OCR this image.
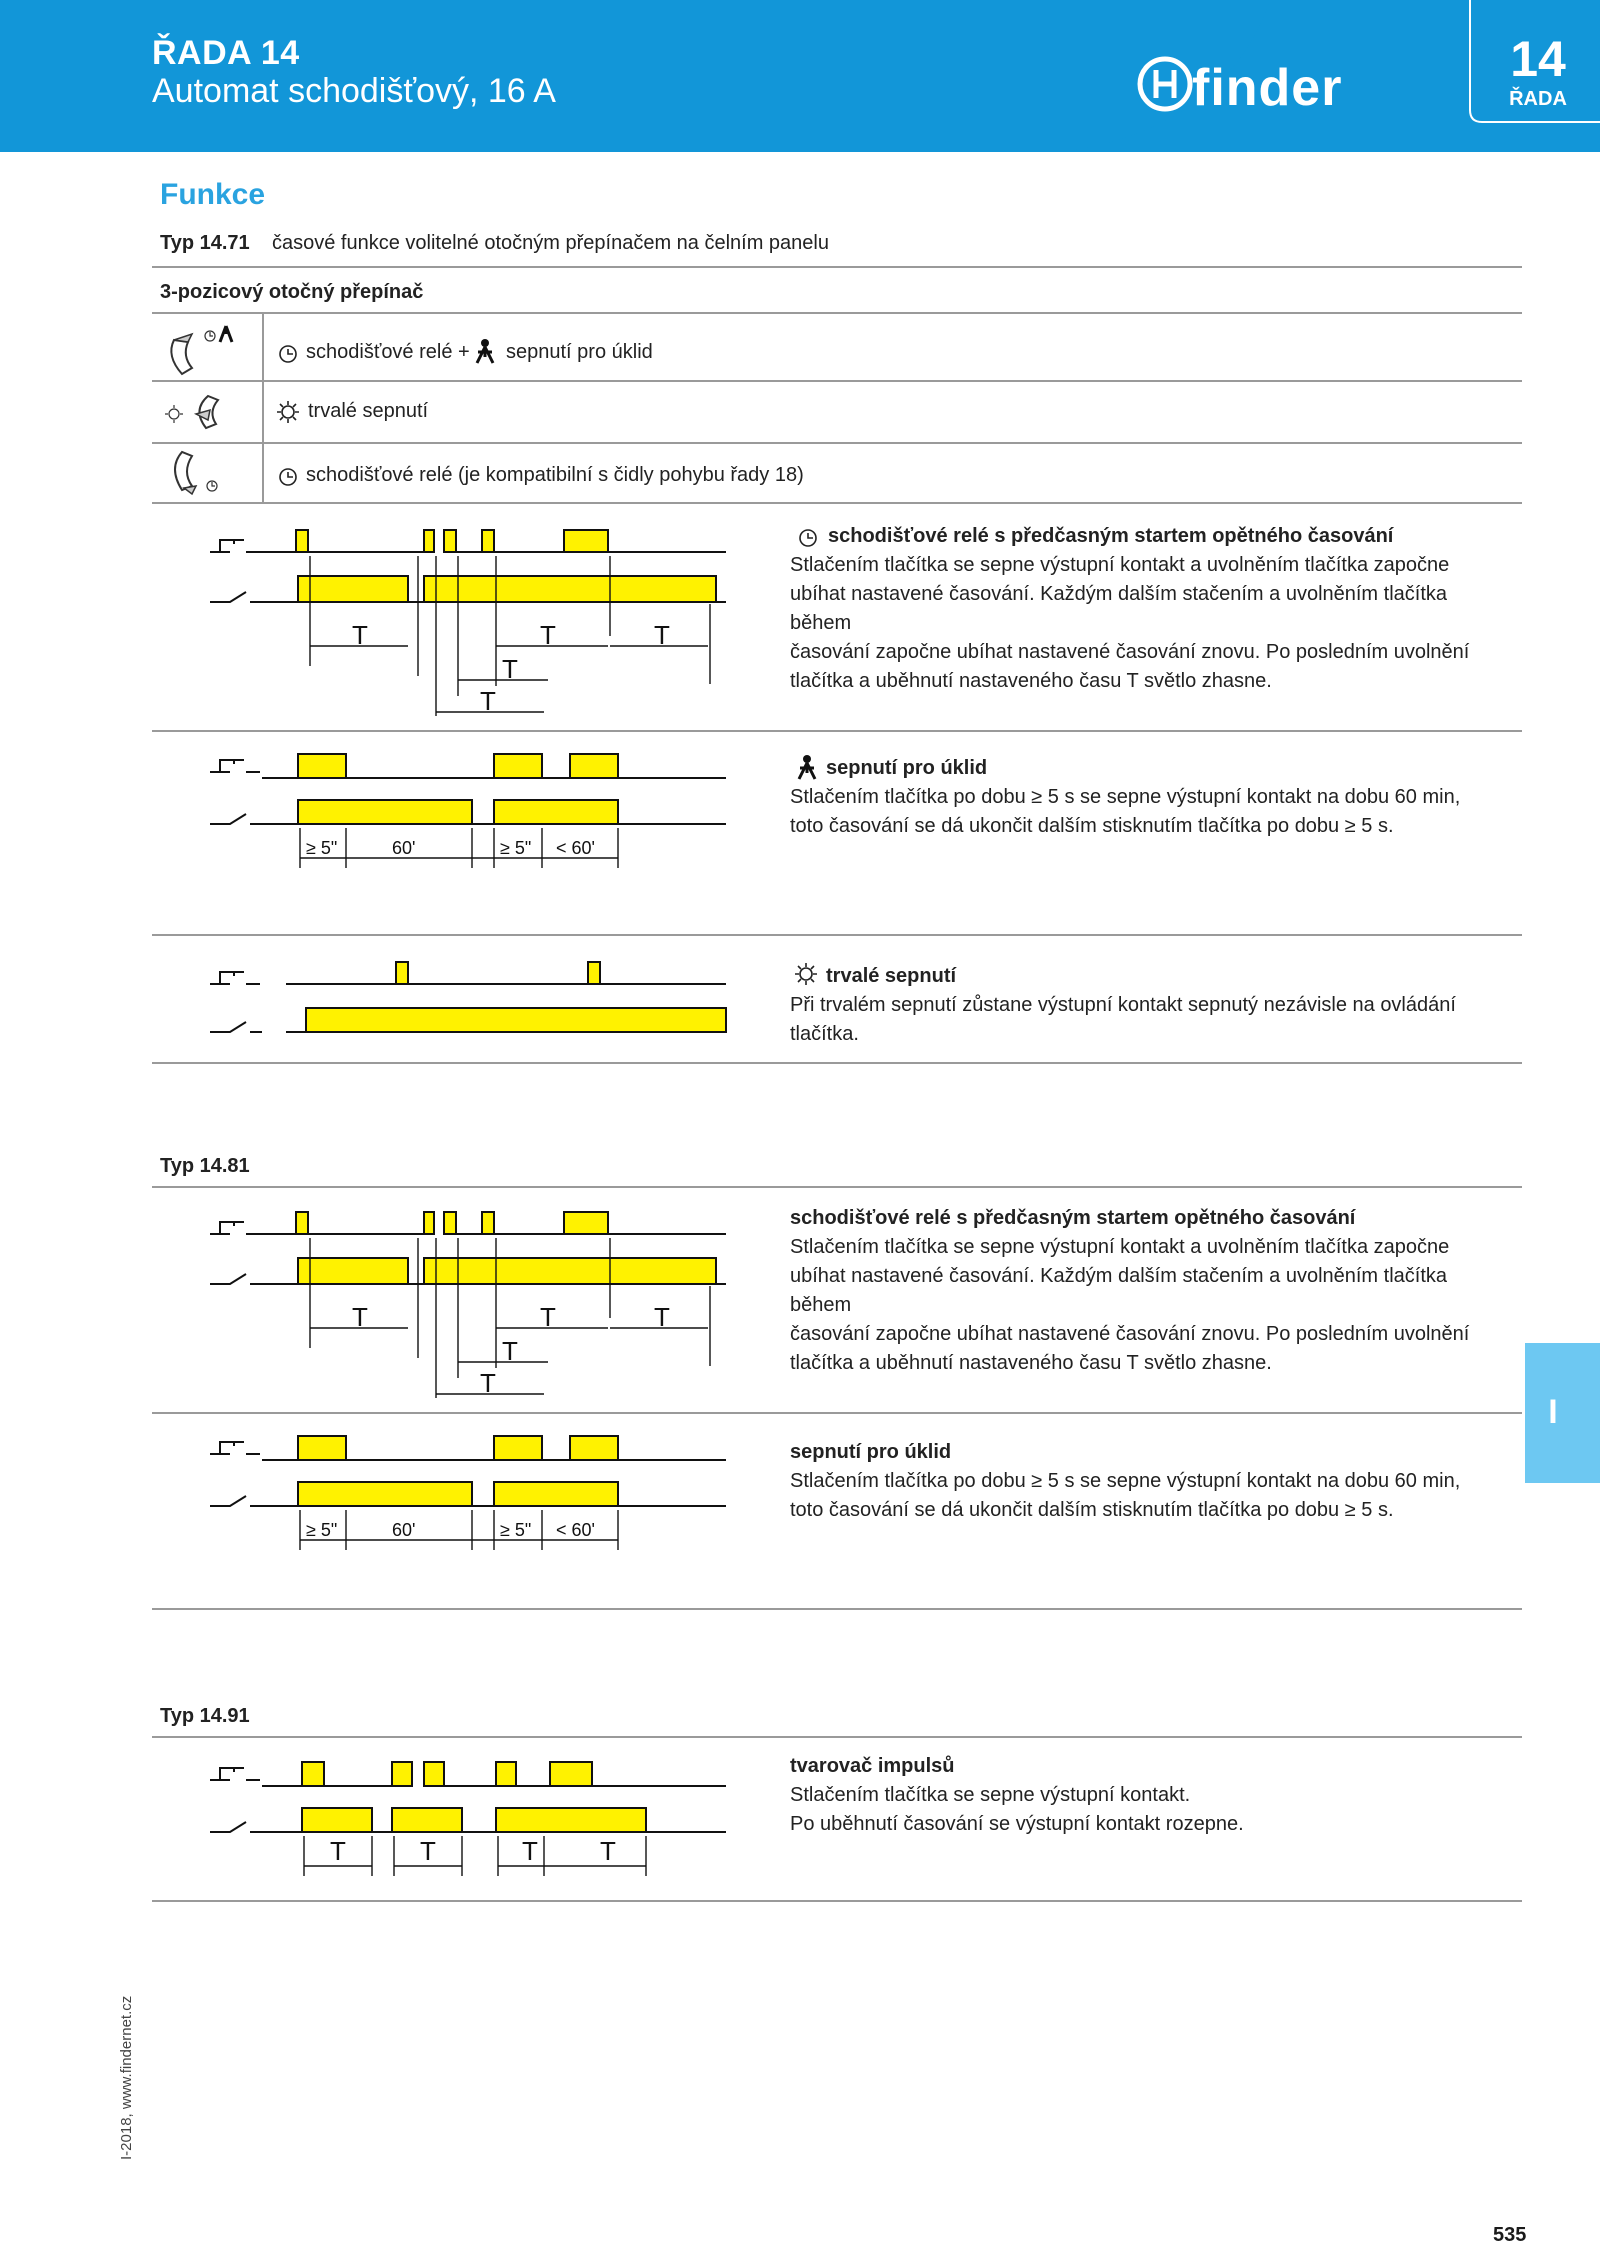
ŘADA 14
Automat schodišťový, 16 A	finder	14
ŘADA
Funkce
Typ 14.71 časové funkce volitelné otočným přepínačem na čelním panelu
3-pozicový otočný přepínač
schodišťové relé + sepnutí pro úklid
trvalé sepnutí
schodišťové relé (je kompatibilní s čidly pohybu řady 18)
T	T	T
T
T
≥ 5"	60'	≥ 5" < 60'
schodišťové relé s předčasným startem opětného časování
Stlačením tlačítka se sepne výstupní kontakt a uvolněním tlačítka započne
ubíhat nastavené časování. Každým dalším stačením a uvolněním tlačítka během
časování započne ubíhat nastavené časování znovu. Po posledním uvolnění
tlačítka a uběhnutí nastaveného času T světlo zhasne.
sepnutí pro úklid
Stlačením tlačítka po dobu ≥ 5 s se sepne výstupní kontakt na dobu 60 min,
toto časování se dá ukončit dalším stisknutím tlačítka po dobu ≥ 5 s.
trvalé sepnutí
Při trvalém sepnutí zůstane výstupní kontakt sepnutý nezávisle na ovládání
tlačítka.
Typ 14.81
T	T	T
T
T
schodišťové relé s předčasným startem opětného časování
Stlačením tlačítka se sepne výstupní kontakt a uvolněním tlačítka započne
ubíhat nastavené časování. Každým dalším stačením a uvolněním tlačítka během
časování započne ubíhat nastavené časování znovu. Po posledním uvolnění
tlačítka a uběhnutí nastaveného času T světlo zhasne.
≥ 5"	60'	≥ 5" < 60'
sepnutí pro úklid
Stlačením tlačítka po dobu ≥ 5 s se sepne výstupní kontakt na dobu 60 min,
toto časování se dá ukončit dalším stisknutím tlačítka po dobu ≥ 5 s.
Typ 14.91
T	T	T T
tvarovač impulsů
Stlačením tlačítka se sepne výstupní kontakt.
Po uběhnutí časování se výstupní kontakt rozepne.
I
I-2018, www.findernet.cz
535
